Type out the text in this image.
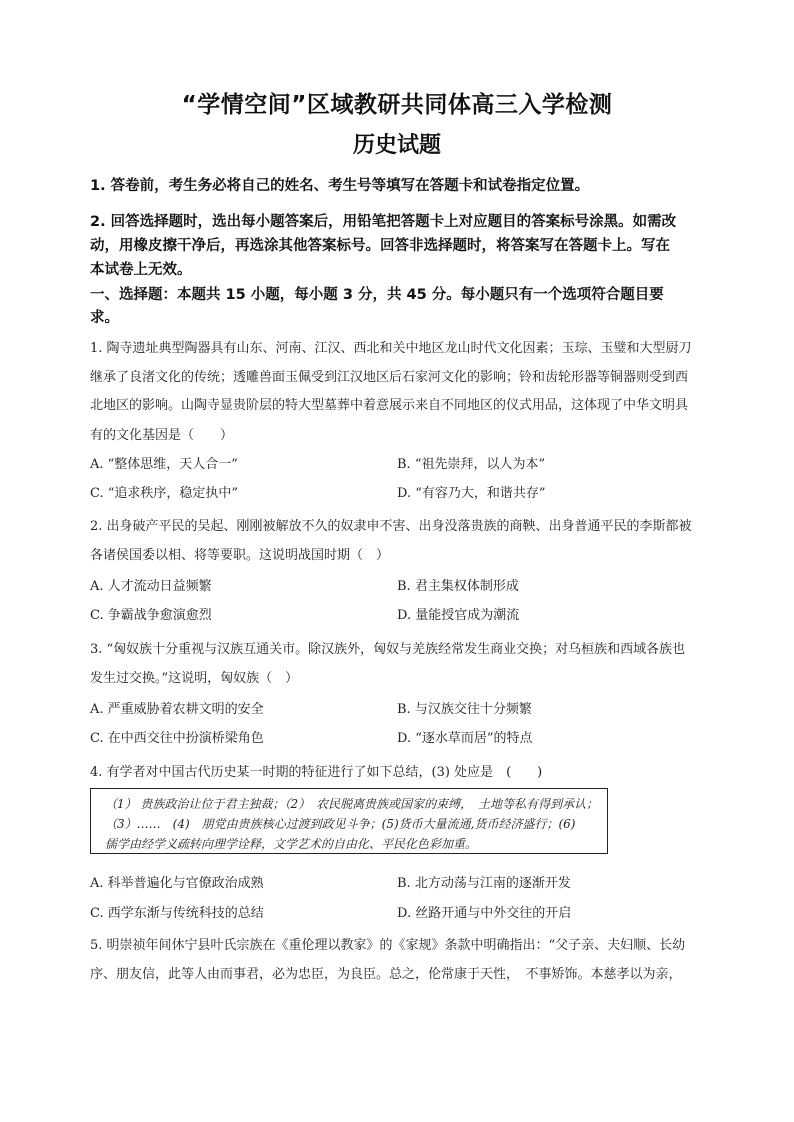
“学情空间”区域教研共同体高三入学检测
历史试题
1. 答卷前，考生务必将自己的姓名、考生号等填写在答题卡和试卷指定位置。
2. 回答选择题时，选出每小题答案后，用铅笔把答题卡上对应题目的答案标号涂黑。如需改
动，用橡皮擦干净后，再选涂其他答案标号。回答非选择题时，将答案写在答题卡上。写在
本试卷上无效。
一、选择题：本题共 15 小题，每小题 3 分，共 45 分。每小题只有一个选项符合题目要
求。
1. 陶寺遗址典型陶器具有山东、河南、江汉、西北和关中地区龙山时代文化因素；玉琮、玉璧和大型厨刀
继承了良渚文化的传统；透雕兽面玉佩受到江汉地区后石家河文化的影响；铃和齿轮形器等铜器则受到西
北地区的影响。山陶寺显贵阶层的特大型墓葬中着意展示来自不同地区的仪式用品，这体现了中华文明具
有的文化基因是（　　）
A. “整体思维，天人合一”	B. “祖先崇拜，以人为本”
C. “追求秩序，稳定执中”	D. “有容乃大，和谐共存”
2. 出身破产平民的吴起、刚刚被解放不久的奴隶申不害、出身没落贵族的商鞅、出身普通平民的李斯都被
各诸侯国委以相、将等要职。这说明战国时期（　）
A. 人才流动日益频繁	B. 君主集权体制形成
C. 争霸战争愈演愈烈	D. 量能授官成为潮流
3. “匈奴族十分重视与汉族互通关市。除汉族外，匈奴与羌族经常发生商业交换；对乌桓族和西域各族也
发生过交换。”这说明，匈奴族（　）
A. 严重威胁着农耕文明的安全	B. 与汉族交往十分频繁
C. 在中西交往中扮演桥梁角色	D. “逐水草而居”的特点
4. 有学者对中国古代历史某一时期的特征进行了如下总结，(3) 处应是　(　　)
（1） 贵族政治让位于君主独裁；（2）　农民脱离贵族或国家的束缚，　土地等私有得到承认；
（3）……　(4)　朋党由贵族核心过渡到政见斗争；(5)货币大量流通,货币经济盛行；(6)
儒学由经学义疏转向理学诠释，文学艺术的自由化、平民化色彩加重。
A. 科举普遍化与官僚政治成熟	B. 北方动荡与江南的逐渐开发
C. 西学东渐与传统科技的总结	D. 丝路开通与中外交往的开启
5. 明崇祯年间休宁县叶氏宗族在《重伦理以教家》的《家规》条款中明确指出：“父子亲、夫妇顺、长幼
序、朋友信，此等人由而事君，必为忠臣，为良臣。总之，伦常康于天性，　不事矫饰。本慈孝以为亲，
